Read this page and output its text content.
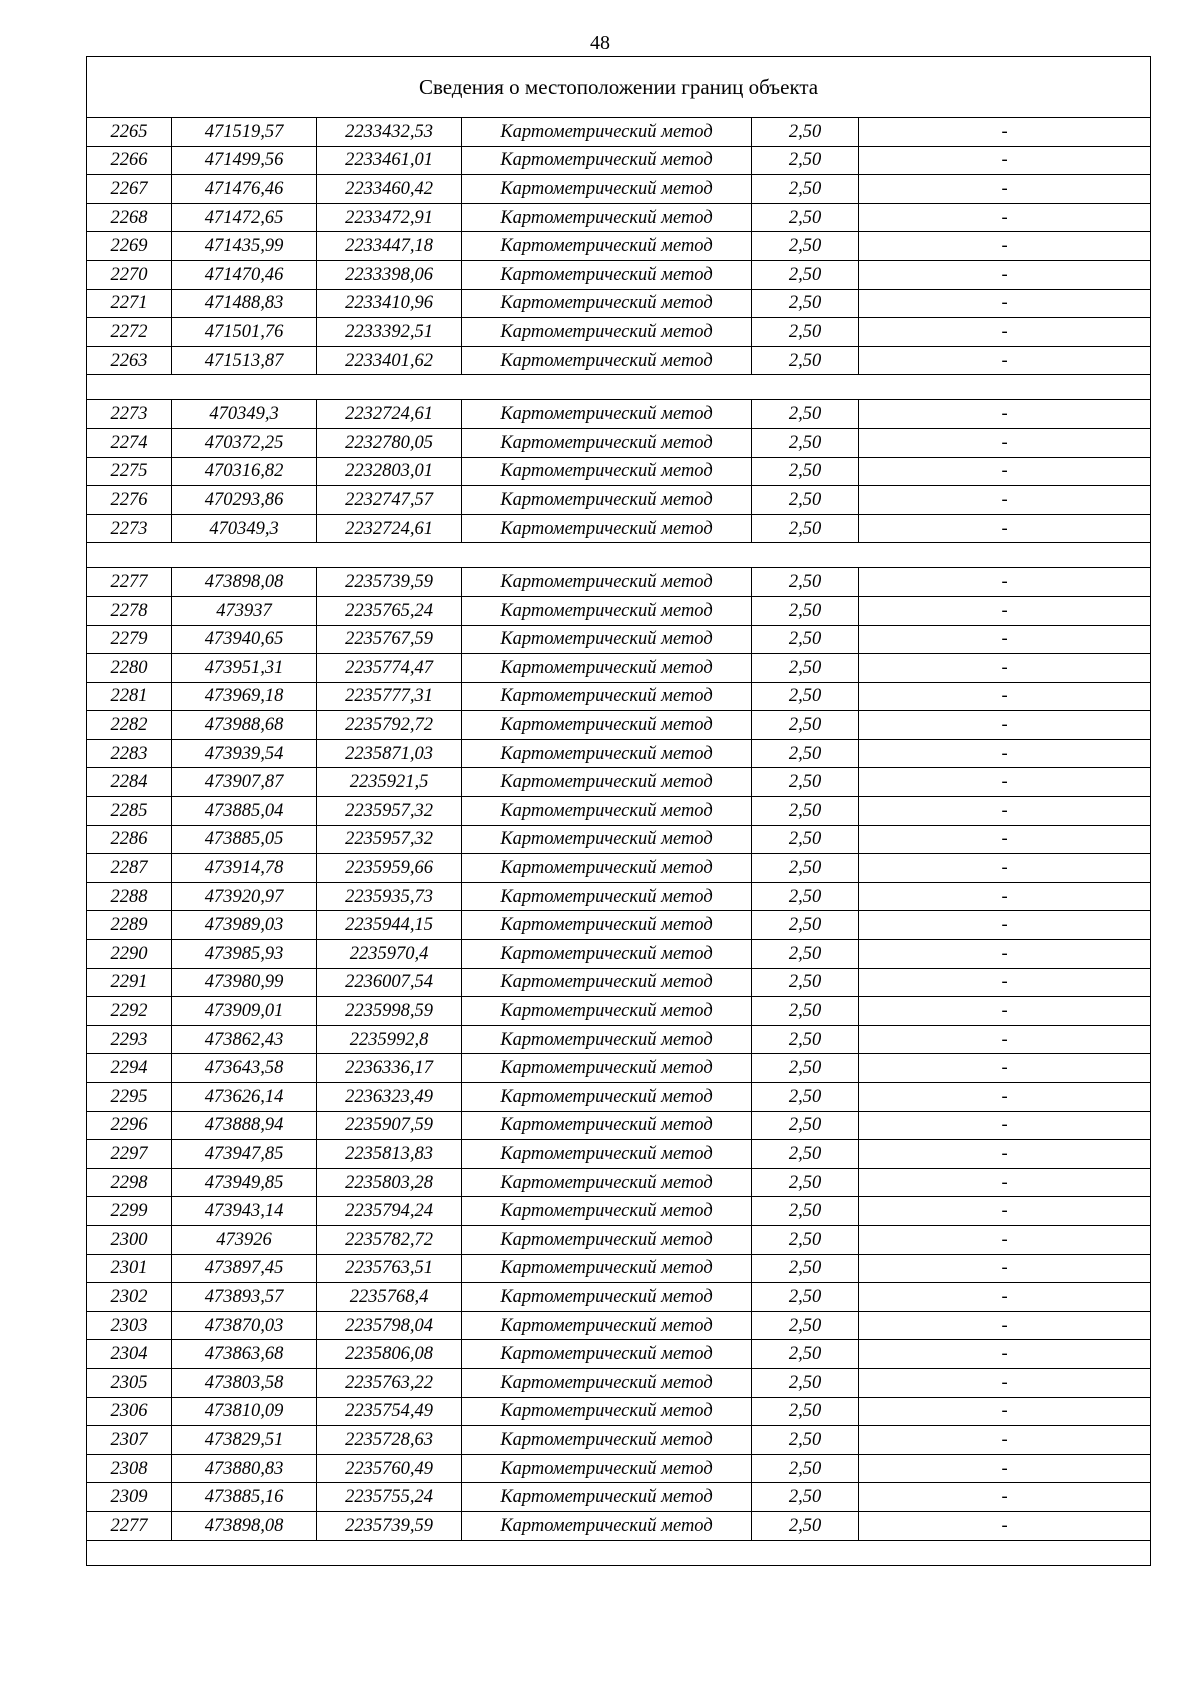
48
Сведения о местоположении границ объекта					
2265	471519,57	2233432,53	Картометрический метод	2,50	-
2266	471499,56	2233461,01	Картометрический метод	2,50	-
2267	471476,46	2233460,42	Картометрический метод	2,50	-
2268	471472,65	2233472,91	Картометрический метод	2,50	-
2269	471435,99	2233447,18	Картометрический метод	2,50	-
2270	471470,46	2233398,06	Картометрический метод	2,50	-
2271	471488,83	2233410,96	Картометрический метод	2,50	-
2272	471501,76	2233392,51	Картометрический метод	2,50	-
2263	471513,87	2233401,62	Картометрический метод	2,50	-

2273	470349,3	2232724,61	Картометрический метод	2,50	-
2274	470372,25	2232780,05	Картометрический метод	2,50	-
2275	470316,82	2232803,01	Картометрический метод	2,50	-
2276	470293,86	2232747,57	Картометрический метод	2,50	-
2273	470349,3	2232724,61	Картометрический метод	2,50	-

2277	473898,08	2235739,59	Картометрический метод	2,50	-
2278	473937	2235765,24	Картометрический метод	2,50	-
2279	473940,65	2235767,59	Картометрический метод	2,50	-
2280	473951,31	2235774,47	Картометрический метод	2,50	-
2281	473969,18	2235777,31	Картометрический метод	2,50	-
2282	473988,68	2235792,72	Картометрический метод	2,50	-
2283	473939,54	2235871,03	Картометрический метод	2,50	-
2284	473907,87	2235921,5	Картометрический метод	2,50	-
2285	473885,04	2235957,32	Картометрический метод	2,50	-
2286	473885,05	2235957,32	Картометрический метод	2,50	-
2287	473914,78	2235959,66	Картометрический метод	2,50	-
2288	473920,97	2235935,73	Картометрический метод	2,50	-
2289	473989,03	2235944,15	Картометрический метод	2,50	-
2290	473985,93	2235970,4	Картометрический метод	2,50	-
2291	473980,99	2236007,54	Картометрический метод	2,50	-
2292	473909,01	2235998,59	Картометрический метод	2,50	-
2293	473862,43	2235992,8	Картометрический метод	2,50	-
2294	473643,58	2236336,17	Картометрический метод	2,50	-
2295	473626,14	2236323,49	Картометрический метод	2,50	-
2296	473888,94	2235907,59	Картометрический метод	2,50	-
2297	473947,85	2235813,83	Картометрический метод	2,50	-
2298	473949,85	2235803,28	Картометрический метод	2,50	-
2299	473943,14	2235794,24	Картометрический метод	2,50	-
2300	473926	2235782,72	Картометрический метод	2,50	-
2301	473897,45	2235763,51	Картометрический метод	2,50	-
2302	473893,57	2235768,4	Картометрический метод	2,50	-
2303	473870,03	2235798,04	Картометрический метод	2,50	-
2304	473863,68	2235806,08	Картометрический метод	2,50	-
2305	473803,58	2235763,22	Картометрический метод	2,50	-
2306	473810,09	2235754,49	Картометрический метод	2,50	-
2307	473829,51	2235728,63	Картометрический метод	2,50	-
2308	473880,83	2235760,49	Картометрический метод	2,50	-
2309	473885,16	2235755,24	Картометрический метод	2,50	-
2277	473898,08	2235739,59	Картометрический метод	2,50	-
